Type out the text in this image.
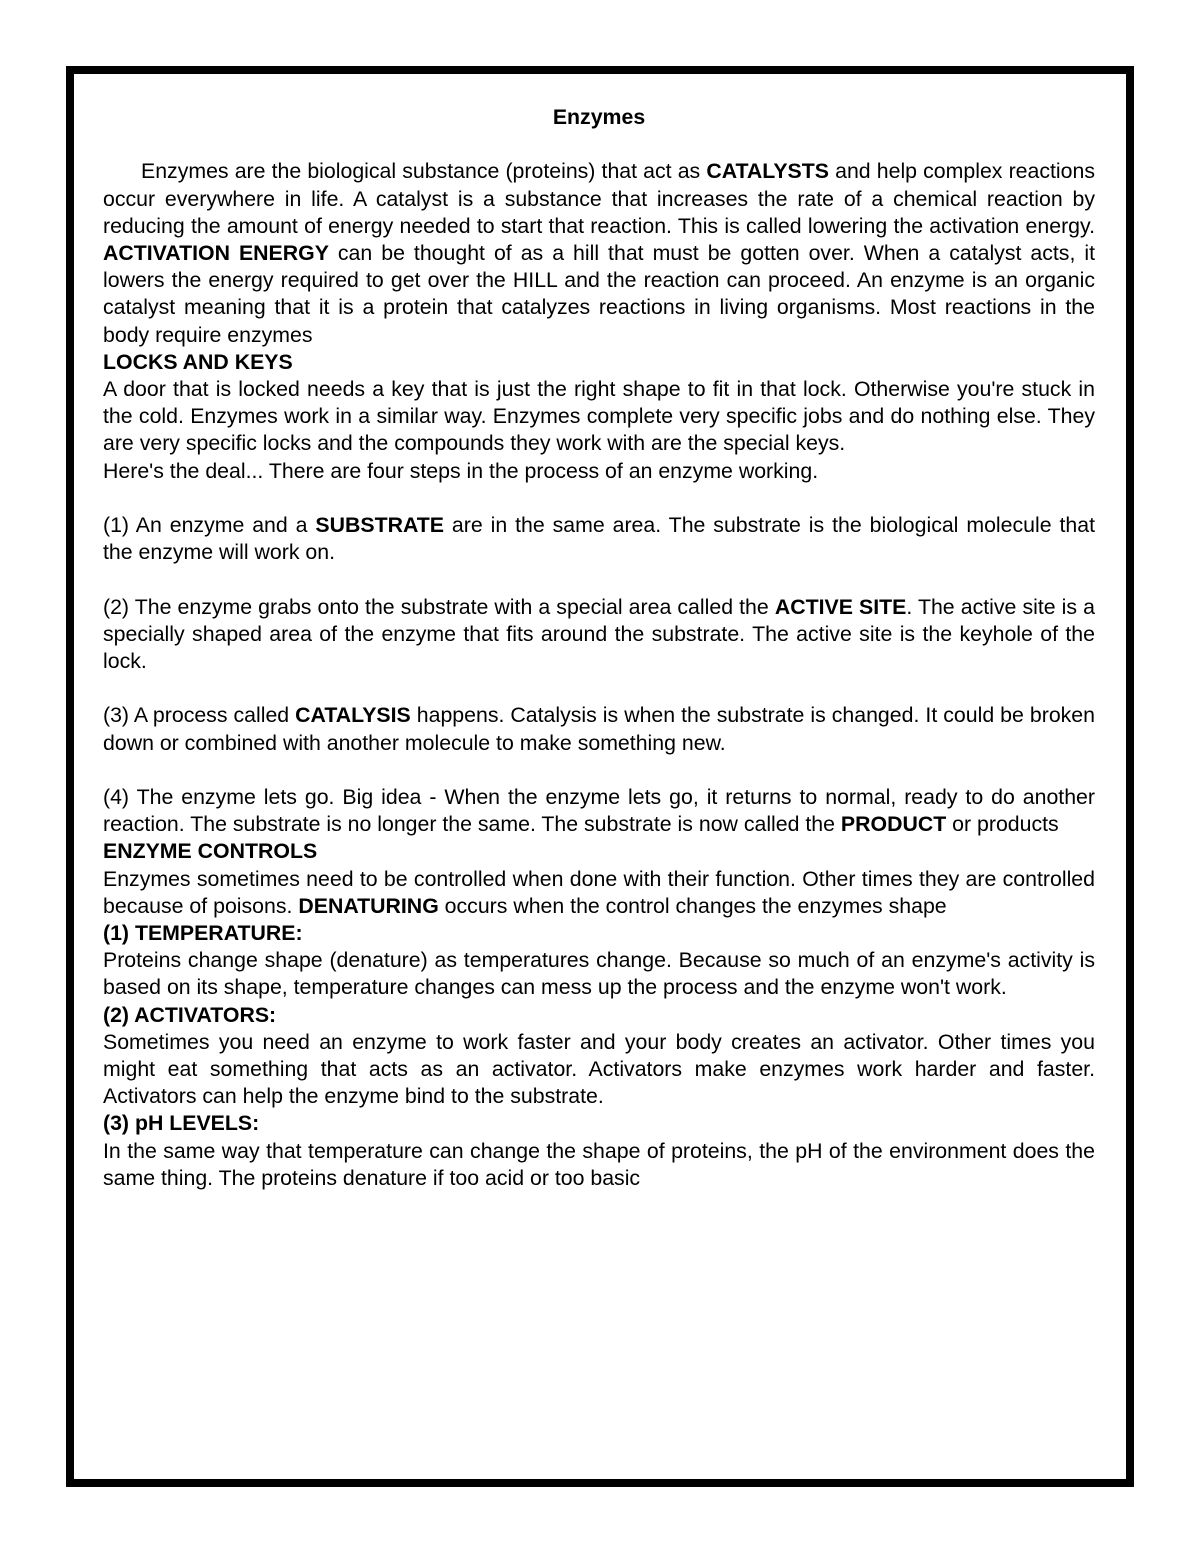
Enzymes

Enzymes are the biological substance (proteins) that act as CATALYSTS and help complex reactions occur everywhere in life. A catalyst is a substance that increases the rate of a chemical reaction by reducing the amount of energy needed to start that reaction. This is called lowering the activation energy. ACTIVATION ENERGY can be thought of as a hill that must be gotten over. When a catalyst acts, it lowers the energy required to get over the HILL and the reaction can proceed. An enzyme is an organic catalyst meaning that it is a protein that catalyzes reactions in living organisms. Most reactions in the body require enzymes

LOCKS AND KEYS

A door that is locked needs a key that is just the right shape to fit in that lock. Otherwise you're stuck in the cold. Enzymes work in a similar way. Enzymes complete very specific jobs and do nothing else. They are very specific locks and the compounds they work with are the special keys.

Here's the deal... There are four steps in the process of an enzyme working.

(1) An enzyme and a SUBSTRATE are in the same area. The substrate is the biological molecule that the enzyme will work on.

(2) The enzyme grabs onto the substrate with a special area called the ACTIVE SITE. The active site is a specially shaped area of the enzyme that fits around the substrate. The active site is the keyhole of the lock.

(3) A process called CATALYSIS happens. Catalysis is when the substrate is changed. It could be broken down or combined with another molecule to make something new.

(4) The enzyme lets go. Big idea - When the enzyme lets go, it returns to normal, ready to do another reaction. The substrate is no longer the same. The substrate is now called the PRODUCT or products

ENZYME CONTROLS

Enzymes sometimes need to be controlled when done with their function. Other times they are controlled because of poisons. DENATURING occurs when the control changes the enzymes shape

(1) TEMPERATURE:

Proteins change shape (denature) as temperatures change. Because so much of an enzyme's activity is based on its shape, temperature changes can mess up the process and the enzyme won't work.

(2) ACTIVATORS:

Sometimes you need an enzyme to work faster and your body creates an activator. Other times you might eat something that acts as an activator. Activators make enzymes work harder and faster. Activators can help the enzyme bind to the substrate.

(3) pH LEVELS:

In the same way that temperature can change the shape of proteins, the pH of the environment does the same thing. The proteins denature if too acid or too basic
